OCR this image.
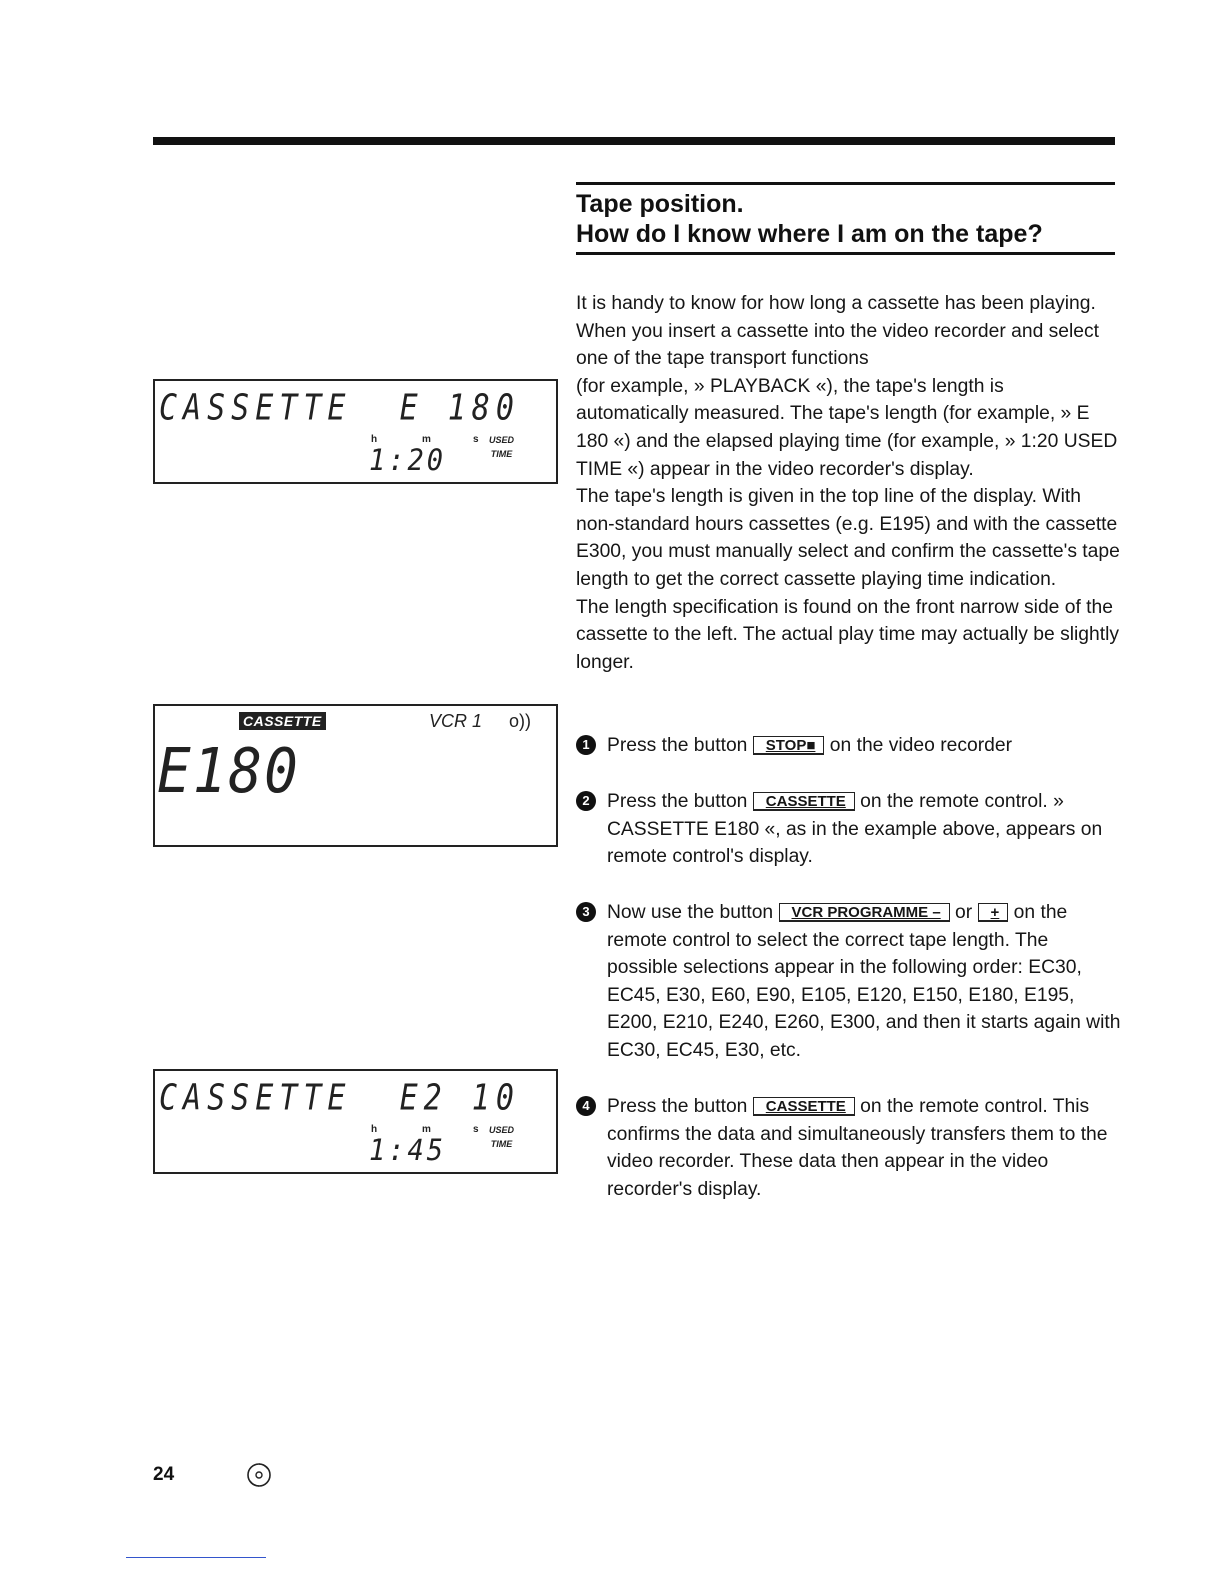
Tape position.
How do I know where I am on the tape?

It is handy to know for how long a cassette has been playing. When you insert a cassette into the video recorder and select one of the tape transport functions

(for example, » PLAYBACK «), the tape's length is automatically measured. The tape's length (for example, » E 180 «) and the elapsed playing time (for example, » 1:20 USED TIME «) appear in the video recorder's display.

The tape's length is given in the top line of the display. With non-standard hours cassettes (e.g. E195) and with the cassette E300, you must manually select and confirm the cassette's tape length to get the correct cassette playing time indication.

The length specification is found on the front narrow side of the cassette to the left. The actual play time may actually be slightly longer.

1 Press the button STOP■ on the video recorder
2 Press the button CASSETTE on the remote control. » CASSETTE E180 «, as in the example above, appears on remote control's display.
3 Now use the button VCR PROGRAMME – or + on the remote control to select the correct tape length. The possible selections appear in the following order: EC30, EC45, E30, E60, E90, E105, E120, E150, E180, E195, E200, E210, E240, E260, E300, and then it starts again with EC30, EC45, E30, etc.
4 Press the button CASSETTE on the remote control. This confirms the data and simultaneously transfers them to the video recorder. These data then appear in the video recorder's display.
CASSETTE  E 180
h	m	s USED
TIME
1:20
CASSETTE	VCR 1 o))
E180
CASSETTE  E2 10
h	m	s USED
TIME
1:45
24
